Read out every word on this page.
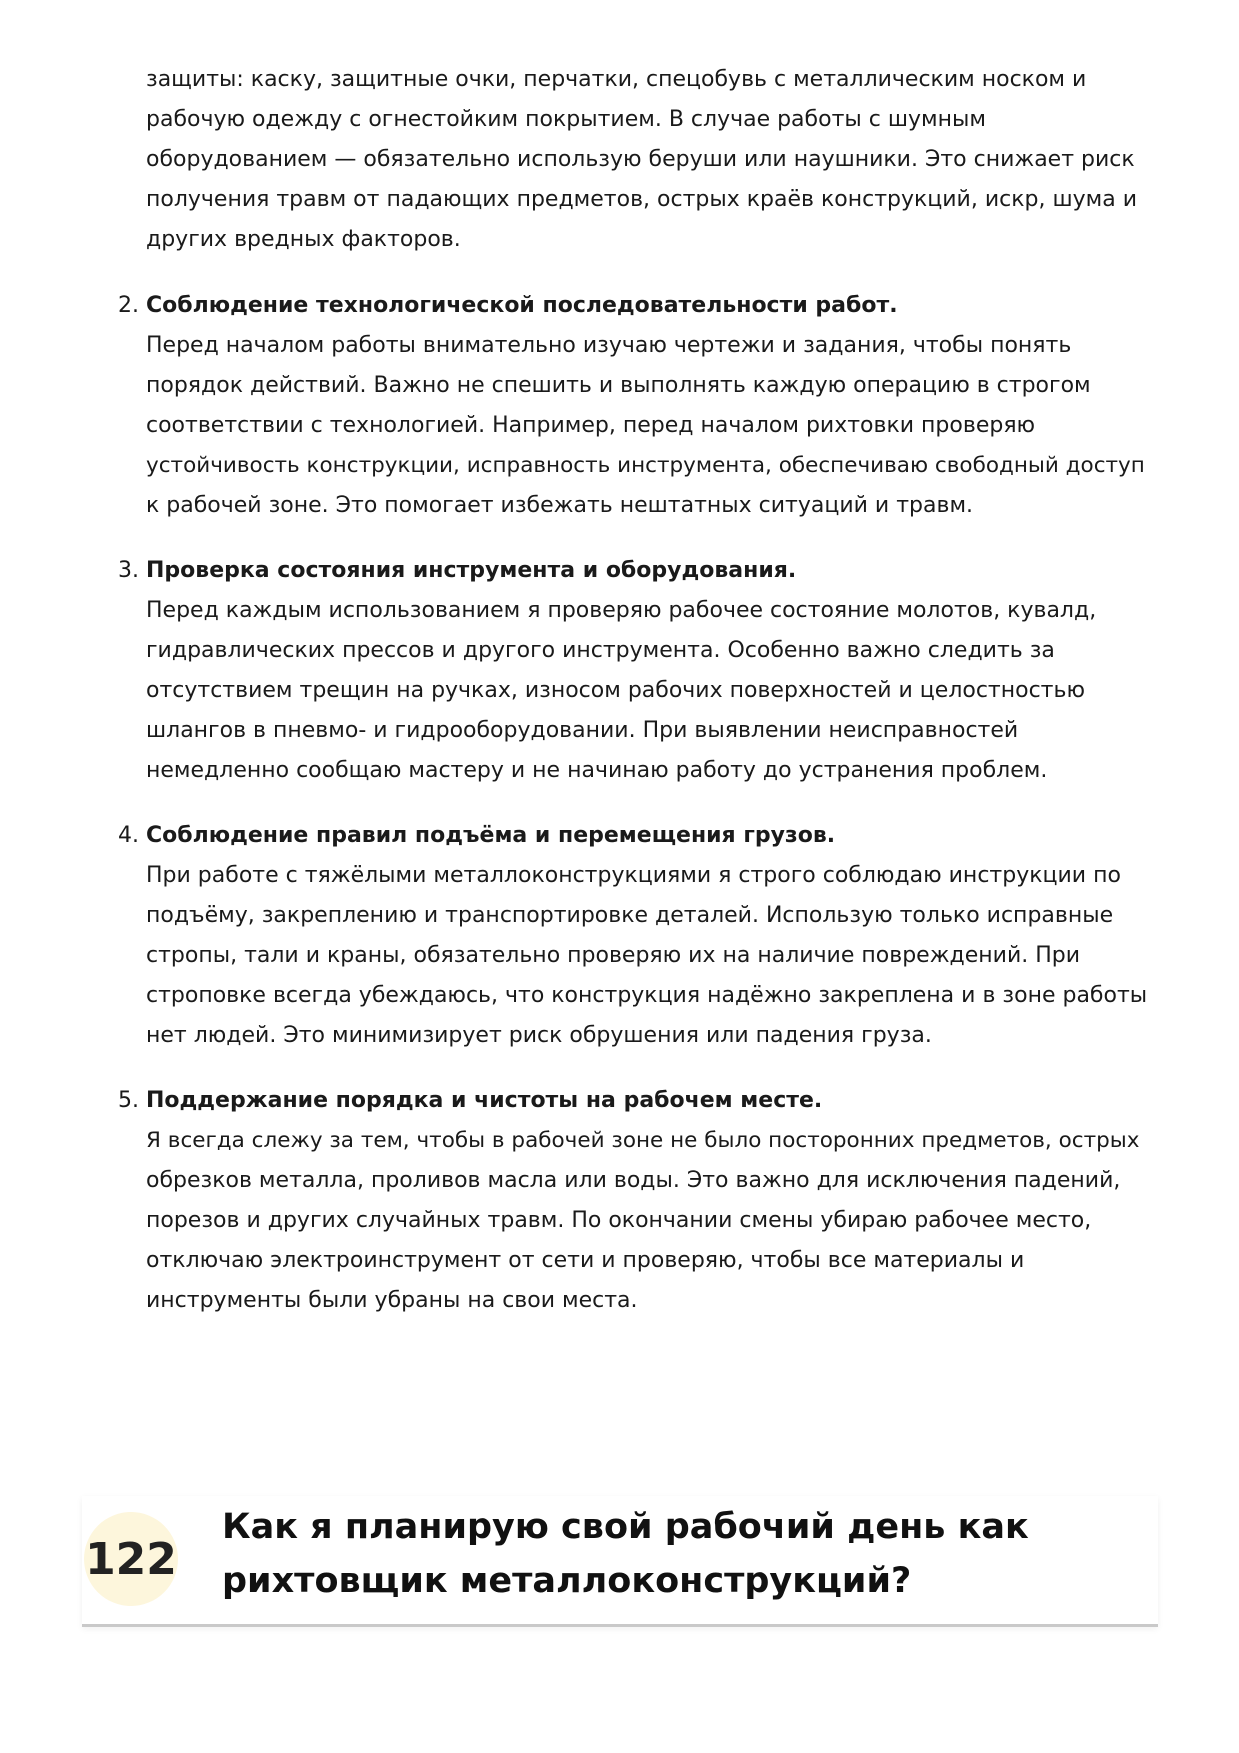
защиты: каску, защитные очки, перчатки, спецобувь с металлическим носком и
рабочую одежду с огнестойким покрытием. В случае работы с шумным
оборудованием — обязательно использую беруши или наушники. Это снижает риск
получения травм от падающих предметов, острых краёв конструкций, искр, шума и
других вредных факторов.
2. Соблюдение технологической последовательности работ.

Перед началом работы внимательно изучаю чертежи и задания, чтобы понять
порядок действий. Важно не спешить и выполнять каждую операцию в строгом
соответствии с технологией. Например, перед началом рихтовки проверяю
устойчивость конструкции, исправность инструмента, обеспечиваю свободный доступ
к рабочей зоне. Это помогает избежать нештатных ситуаций и травм.
3. Проверка состояния инструмента и оборудования.

Перед каждым использованием я проверяю рабочее состояние молотов, кувалд,
гидравлических прессов и другого инструмента. Особенно важно следить за
отсутствием трещин на ручках, износом рабочих поверхностей и целостностью
шлангов в пневмо- и гидрооборудовании. При выявлении неисправностей
немедленно сообщаю мастеру и не начинаю работу до устранения проблем.
4. Соблюдение правил подъёма и перемещения грузов.

При работе с тяжёлыми металлоконструкциями я строго соблюдаю инструкции по
подъёму, закреплению и транспортировке деталей. Использую только исправные
стропы, тали и краны, обязательно проверяю их на наличие повреждений. При
строповке всегда убеждаюсь, что конструкция надёжно закреплена и в зоне работы
нет людей. Это минимизирует риск обрушения или падения груза.
5. Поддержание порядка и чистоты на рабочем месте.

Я всегда слежу за тем, чтобы в рабочей зоне не было посторонних предметов, острых
обрезков металла, проливов масла или воды. Это важно для исключения падений,
порезов и других случайных травм. По окончании смены убираю рабочее место,
отключаю электроинструмент от сети и проверяю, чтобы все материалы и
инструменты были убраны на свои места.
122
Как я планирую свой рабочий день как
рихтовщик металлоконструкций?
